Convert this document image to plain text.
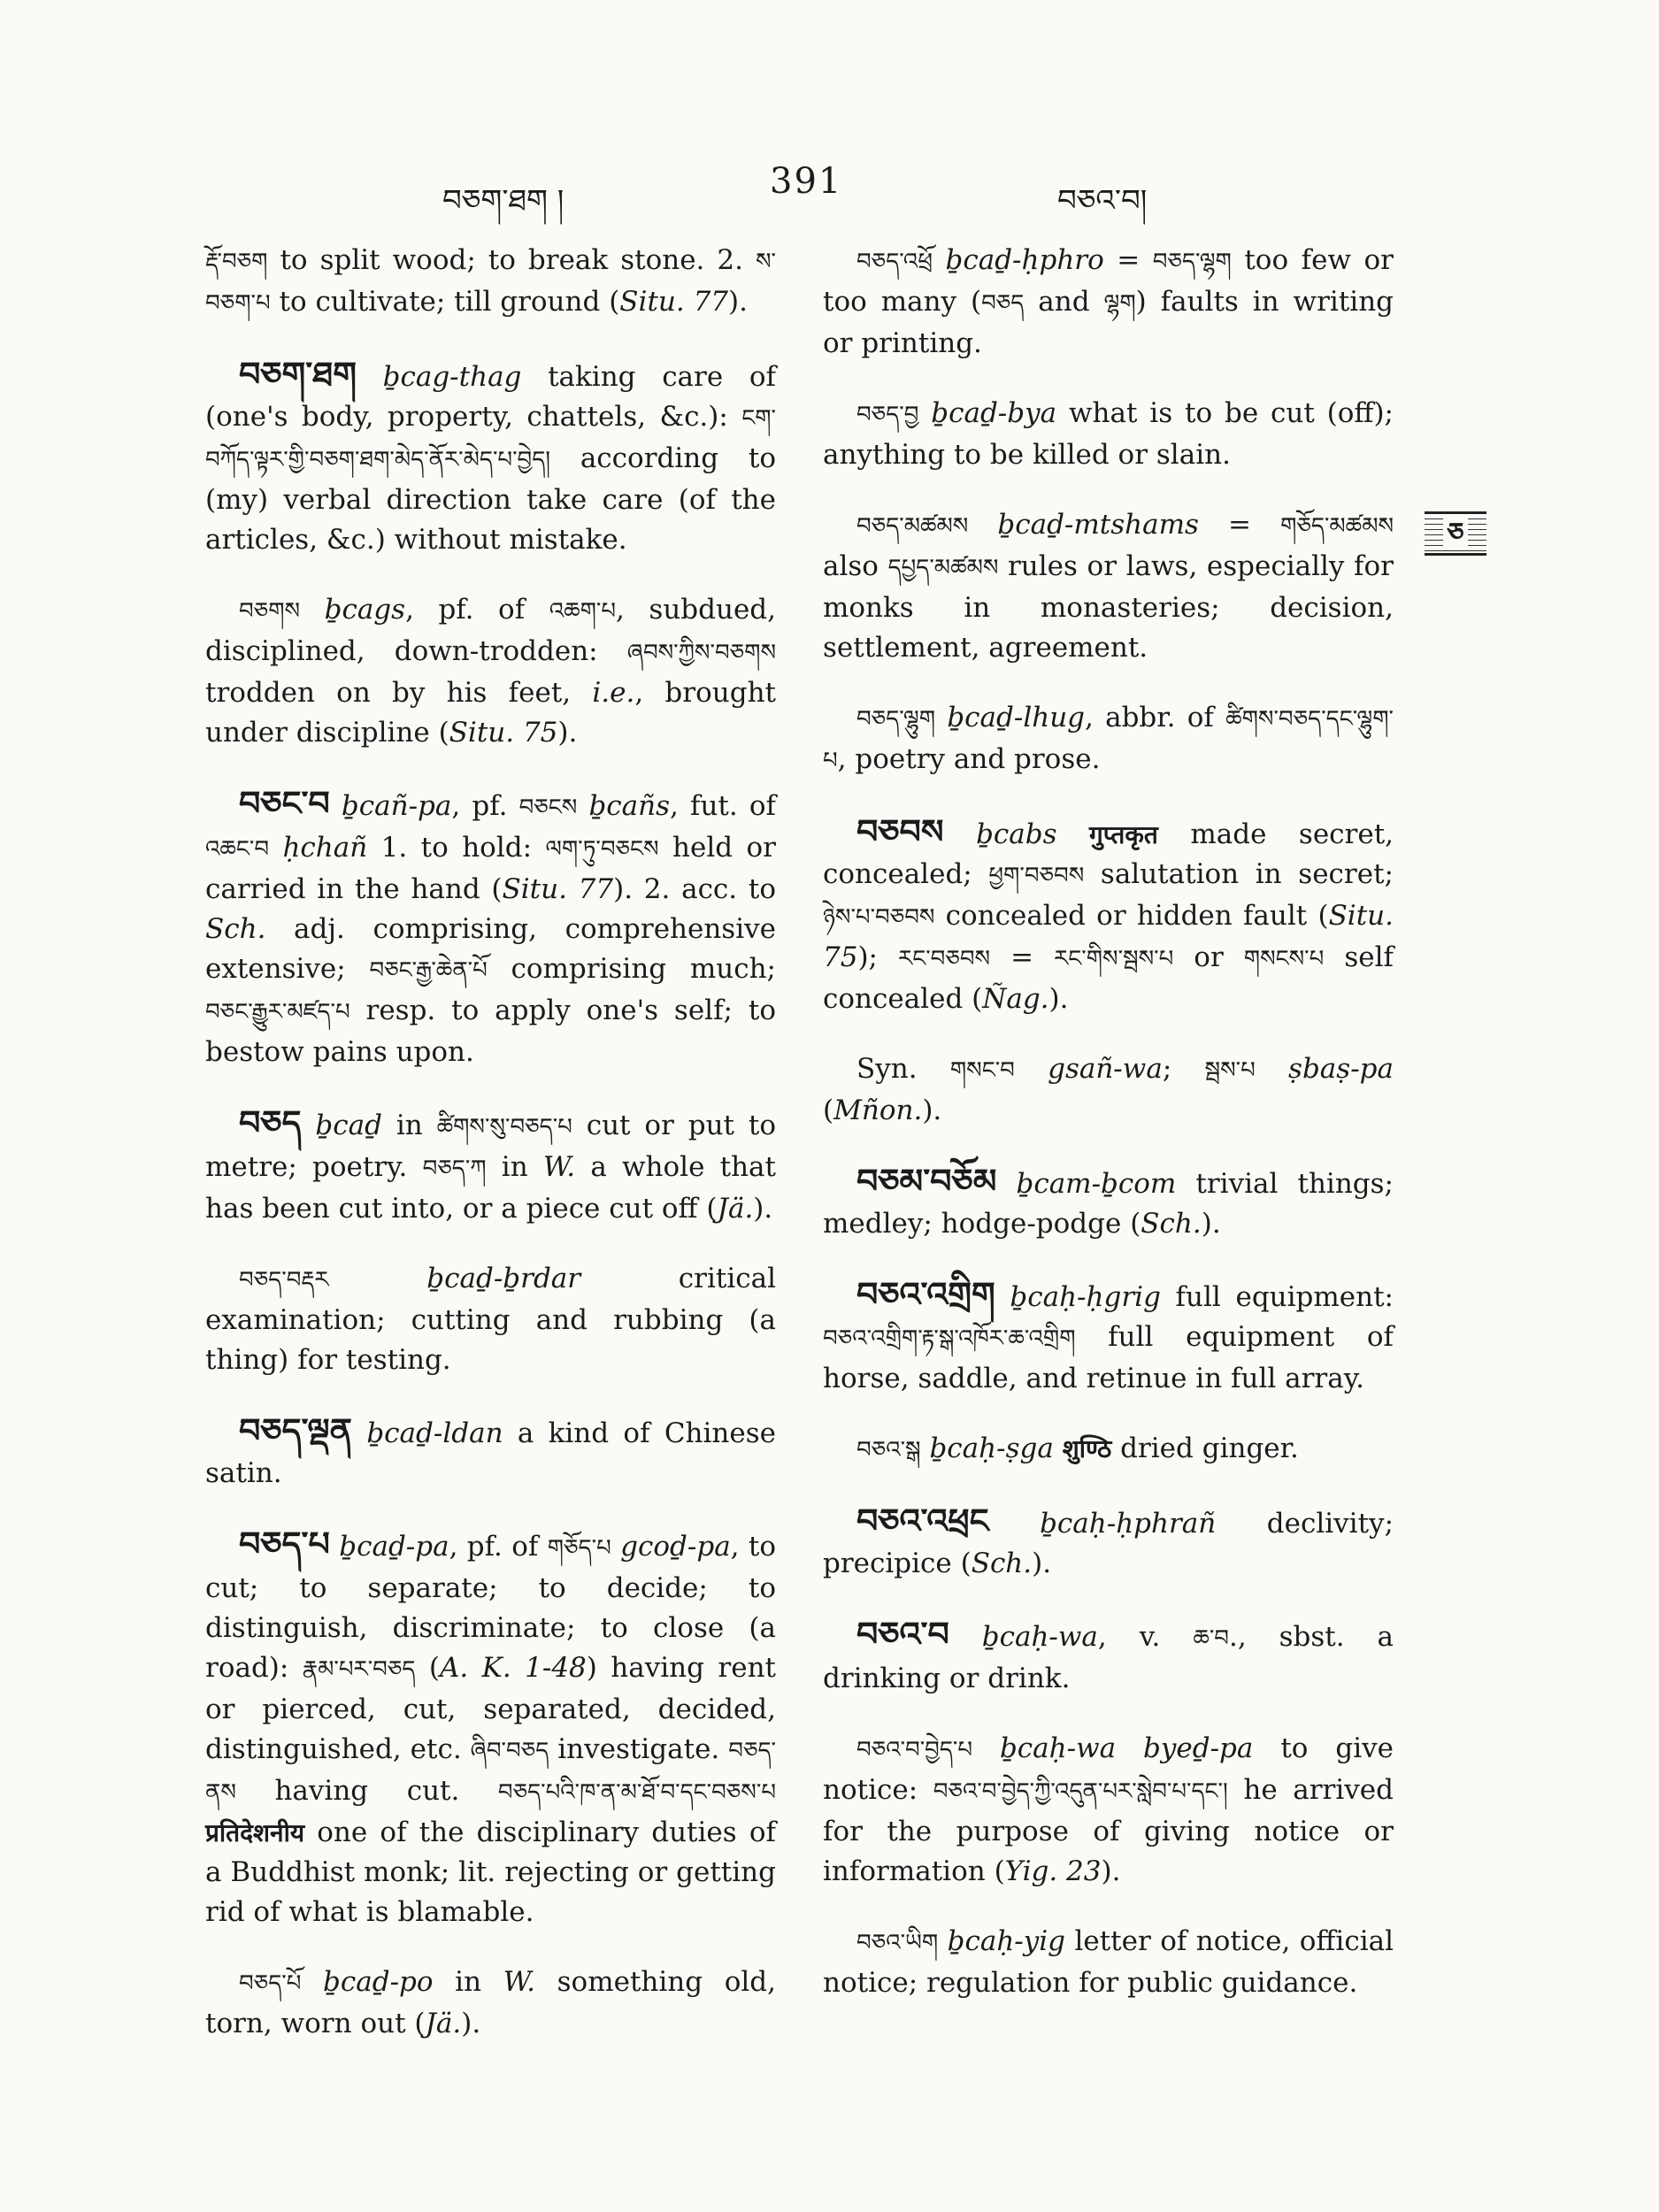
བཅག་ཐག །	391	བཅའ་བ།

རྡོ་བཅག to split wood; to break stone. 2. ས་བཅག་པ to cultivate; till ground (Situ. 77).

བཅག་ཐག ḇcag-thag taking care of (one's body, property, chattels, &c.): ངག་བཀོད་ལྟར་གྱི་བཅག་ཐག་མེད་ནོར་མེད་པ་བྱེད། according to (my) verbal direction take care (of the articles, &c.) without mistake.

བཅགས ḇcags, pf. of འཆག་པ, subdued, disciplined, down-trodden: ཞབས་ཀྱིས་བཅགས trodden on by his feet, i.e., brought under discipline (Situ. 75).

བཅང་བ ḇcañ-pa, pf. བཅངས ḇcañs, fut. of འཆང་བ ḥchañ 1. to hold: ལག་ཏུ་བཅངས held or carried in the hand (Situ. 77). 2. acc. to Sch. adj. comprising, comprehensive extensive; བཅང་རྒྱ་ཆེན་པོ comprising much; བཅང་རྒྱུར་མཛད་པ resp. to apply one's self; to bestow pains upon.

བཅད ḇcaḏ in ཚིགས་སུ་བཅད་པ cut or put to metre; poetry. བཅད་ཀ in W. a whole that has been cut into, or a piece cut off (Jä.).

བཅད་བརྡར	ḇcaḏ-ḇrdar critical examination; cutting and rubbing (a thing) for testing.

བཅད་ལྡན ḇcaḏ-ldan a kind of Chinese satin.

བཅད་པ ḇcaḏ-pa, pf. of གཅོད་པ gcoḏ-pa, to cut; to separate; to decide; to distinguish, discriminate; to close (a road): རྣམ་པར་བཅད (A. K. 1-48) having rent or pierced, cut, separated, decided, distinguished, etc. ཞིབ་བཅད investigate. བཅད་ནས having cut. བཅད་པའི་ཁ་ན་མ་ཐོ་བ་དང་བཅས་པ प्रतिदेशनीय one of the disciplinary duties of a Buddhist monk; lit. rejecting or getting rid of what is blamable.

བཅད་པོ ḇcaḏ-po in W. something old, torn, worn out (Jä.).

བཅད་འཕྲོ ḇcaḏ-ḥphro = བཅད་ལྷག too few or too many (བཅད and ལྷག) faults in writing or printing.

བཅད་བྱ ḇcaḏ-bya what is to be cut (off); anything to be killed or slain.

བཅད་མཚམས ḇcaḏ-mtshams = གཅོད་མཚམས also དཔྱད་མཚམས rules or laws, especially for monks in monasteries; decision, settlement, agreement.

བཅད་ལྷུག ḇcaḏ-lhug, abbr. of ཚིགས་བཅད་དང་ལྷུག་པ, poetry and prose.

བཅབས ḇcabs गुप्तकृत made secret, concealed; ཕྱག་བཅབས salutation in secret; ཉེས་པ་བཅབས concealed or hidden fault (Situ. 75); རང་བཅབས = རང་གིས་སྦས་པ or གསངས་པ self concealed (Ñag.).

Syn. གསང་བ gsañ-wa; སྦས་པ ṣbaṣ-pa (Mñon.).

བཅམ་བཅོམ ḇcam-ḇcom trivial things; medley; hodge-podge (Sch.).

བཅའ་འགྲིག ḇcaḥ-ḥgrig full equipment: བཅའ་འགྲིག་རྟ་སྒ་འཁོར་ཆ་འགྲིག full equipment of horse, saddle, and retinue in full array.

བཅའ་སྒ ḇcaḥ-ṣga शुण्ठि dried ginger.

བཅའ་འཕྲང ḇcaḥ-ḥphrañ declivity; precipice (Sch.).

བཅའ་བ ḇcaḥ-wa, v. ཆ་བ., sbst. a drinking or drink.

བཅའ་བ་བྱེད་པ ḇcaḥ-wa byeḏ-pa to give notice: བཅའ་བ་བྱེད་ཀྱི་འདུན་པར་སླེབ་པ་དང་། he arrived for the purpose of giving notice or information (Yig. 23).

བཅའ་ཡིག ḇcaḥ-yig letter of notice, official notice; regulation for public guidance.

ཅ
